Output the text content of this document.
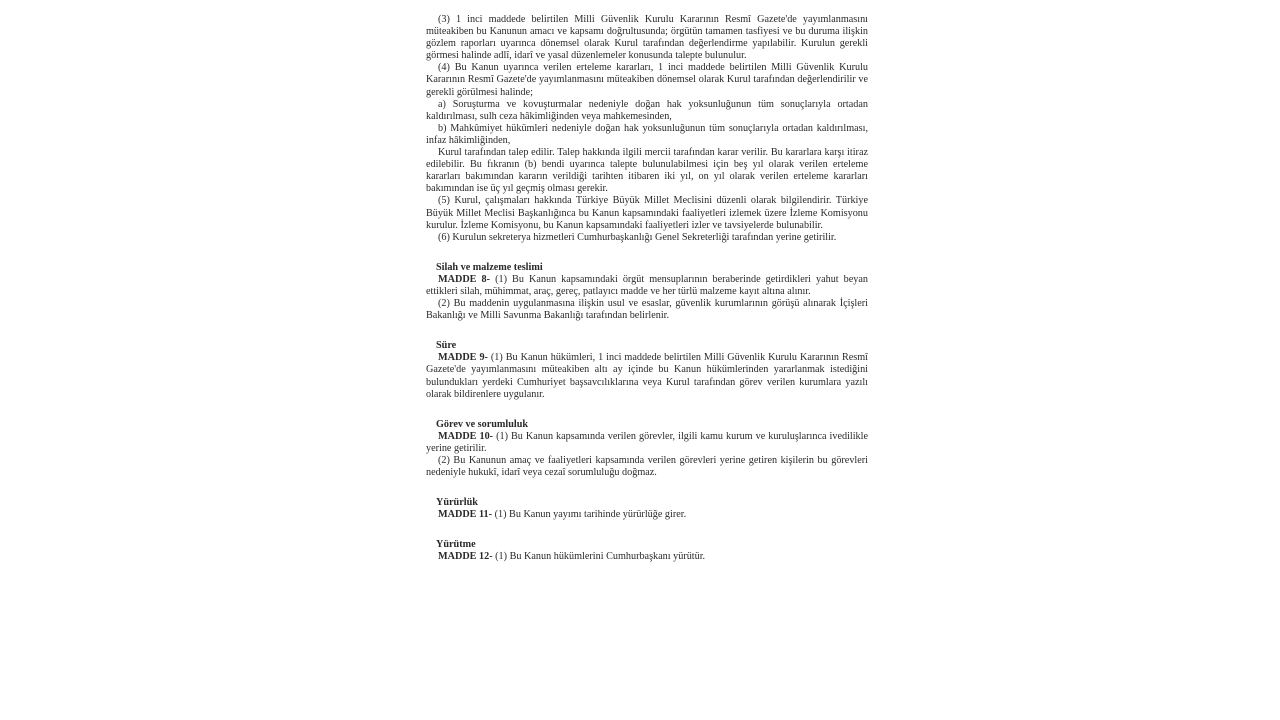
(3) 1 inci maddede belirtilen Milli Güvenlik Kurulu Kararının Resmî Gazete'de yayımlanmasını müteakiben bu Kanunun amacı ve kapsamı doğrultusunda; örgütün tamamen tasfiyesi ve bu duruma ilişkin gözlem raporları uyarınca dönemsel olarak Kurul tarafından değerlendirme yapılabilir. Kurulun gerekli görmesi halinde adlî, idarî ve yasal düzenlemeler konusunda talepte bulunulur.

(4) Bu Kanun uyarınca verilen erteleme kararları, 1 inci maddede belirtilen Milli Güvenlik Kurulu Kararının Resmî Gazete'de yayımlanmasını müteakiben dönemsel olarak Kurul tarafından değerlendirilir ve gerekli görülmesi halinde;

a) Soruşturma ve kovuşturmalar nedeniyle doğan hak yoksunluğunun tüm sonuçlarıyla ortadan kaldırılması, sulh ceza hâkimliğinden veya mahkemesinden,

b) Mahkûmiyet hükümleri nedeniyle doğan hak yoksunluğunun tüm sonuçlarıyla ortadan kaldırılması, infaz hâkimliğinden,

Kurul tarafından talep edilir. Talep hakkında ilgili mercii tarafından karar verilir. Bu kararlara karşı itiraz edilebilir. Bu fıkranın (b) bendi uyarınca talepte bulunulabilmesi için beş yıl olarak verilen erteleme kararları bakımından kararın verildiği tarihten itibaren iki yıl, on yıl olarak verilen erteleme kararları bakımından ise üç yıl geçmiş olması gerekir.

(5) Kurul, çalışmaları hakkında Türkiye Büyük Millet Meclisini düzenli olarak bilgilendirir. Türkiye Büyük Millet Meclisi Başkanlığınca bu Kanun kapsamındaki faaliyetleri izlemek üzere İzleme Komisyonu kurulur. İzleme Komisyonu, bu Kanun kapsamındaki faaliyetleri izler ve tavsiyelerde bulunabilir.

(6) Kurulun sekreterya hizmetleri Cumhurbaşkanlığı Genel Sekreterliği tarafından yerine getirilir.

Silah ve malzeme teslimi

MADDE 8- (1) Bu Kanun kapsamındaki örgüt mensuplarının beraberinde getirdikleri yahut beyan ettikleri silah, mühimmat, araç, gereç, patlayıcı madde ve her türlü malzeme kayıt altına alınır.

(2) Bu maddenin uygulanmasına ilişkin usul ve esaslar, güvenlik kurumlarının görüşü alınarak İçişleri Bakanlığı ve Milli Savunma Bakanlığı tarafından belirlenir.

Süre

MADDE 9- (1) Bu Kanun hükümleri, 1 inci maddede belirtilen Milli Güvenlik Kurulu Kararının Resmî Gazete'de yayımlanmasını müteakiben altı ay içinde bu Kanun hükümlerinden yararlanmak istediğini bulundukları yerdeki Cumhuriyet başsavcılıklarına veya Kurul tarafından görev verilen kurumlara yazılı olarak bildirenlere uygulanır.

Görev ve sorumluluk

MADDE 10- (1) Bu Kanun kapsamında verilen görevler, ilgili kamu kurum ve kuruluşlarınca ivedilikle yerine getirilir.

(2) Bu Kanunun amaç ve faaliyetleri kapsamında verilen görevleri yerine getiren kişilerin bu görevleri nedeniyle hukukî, idarî veya cezaî sorumluluğu doğmaz.

Yürürlük

MADDE 11- (1) Bu Kanun yayımı tarihinde yürürlüğe girer.

Yürütme

MADDE 12- (1) Bu Kanun hükümlerini Cumhurbaşkanı yürütür.
